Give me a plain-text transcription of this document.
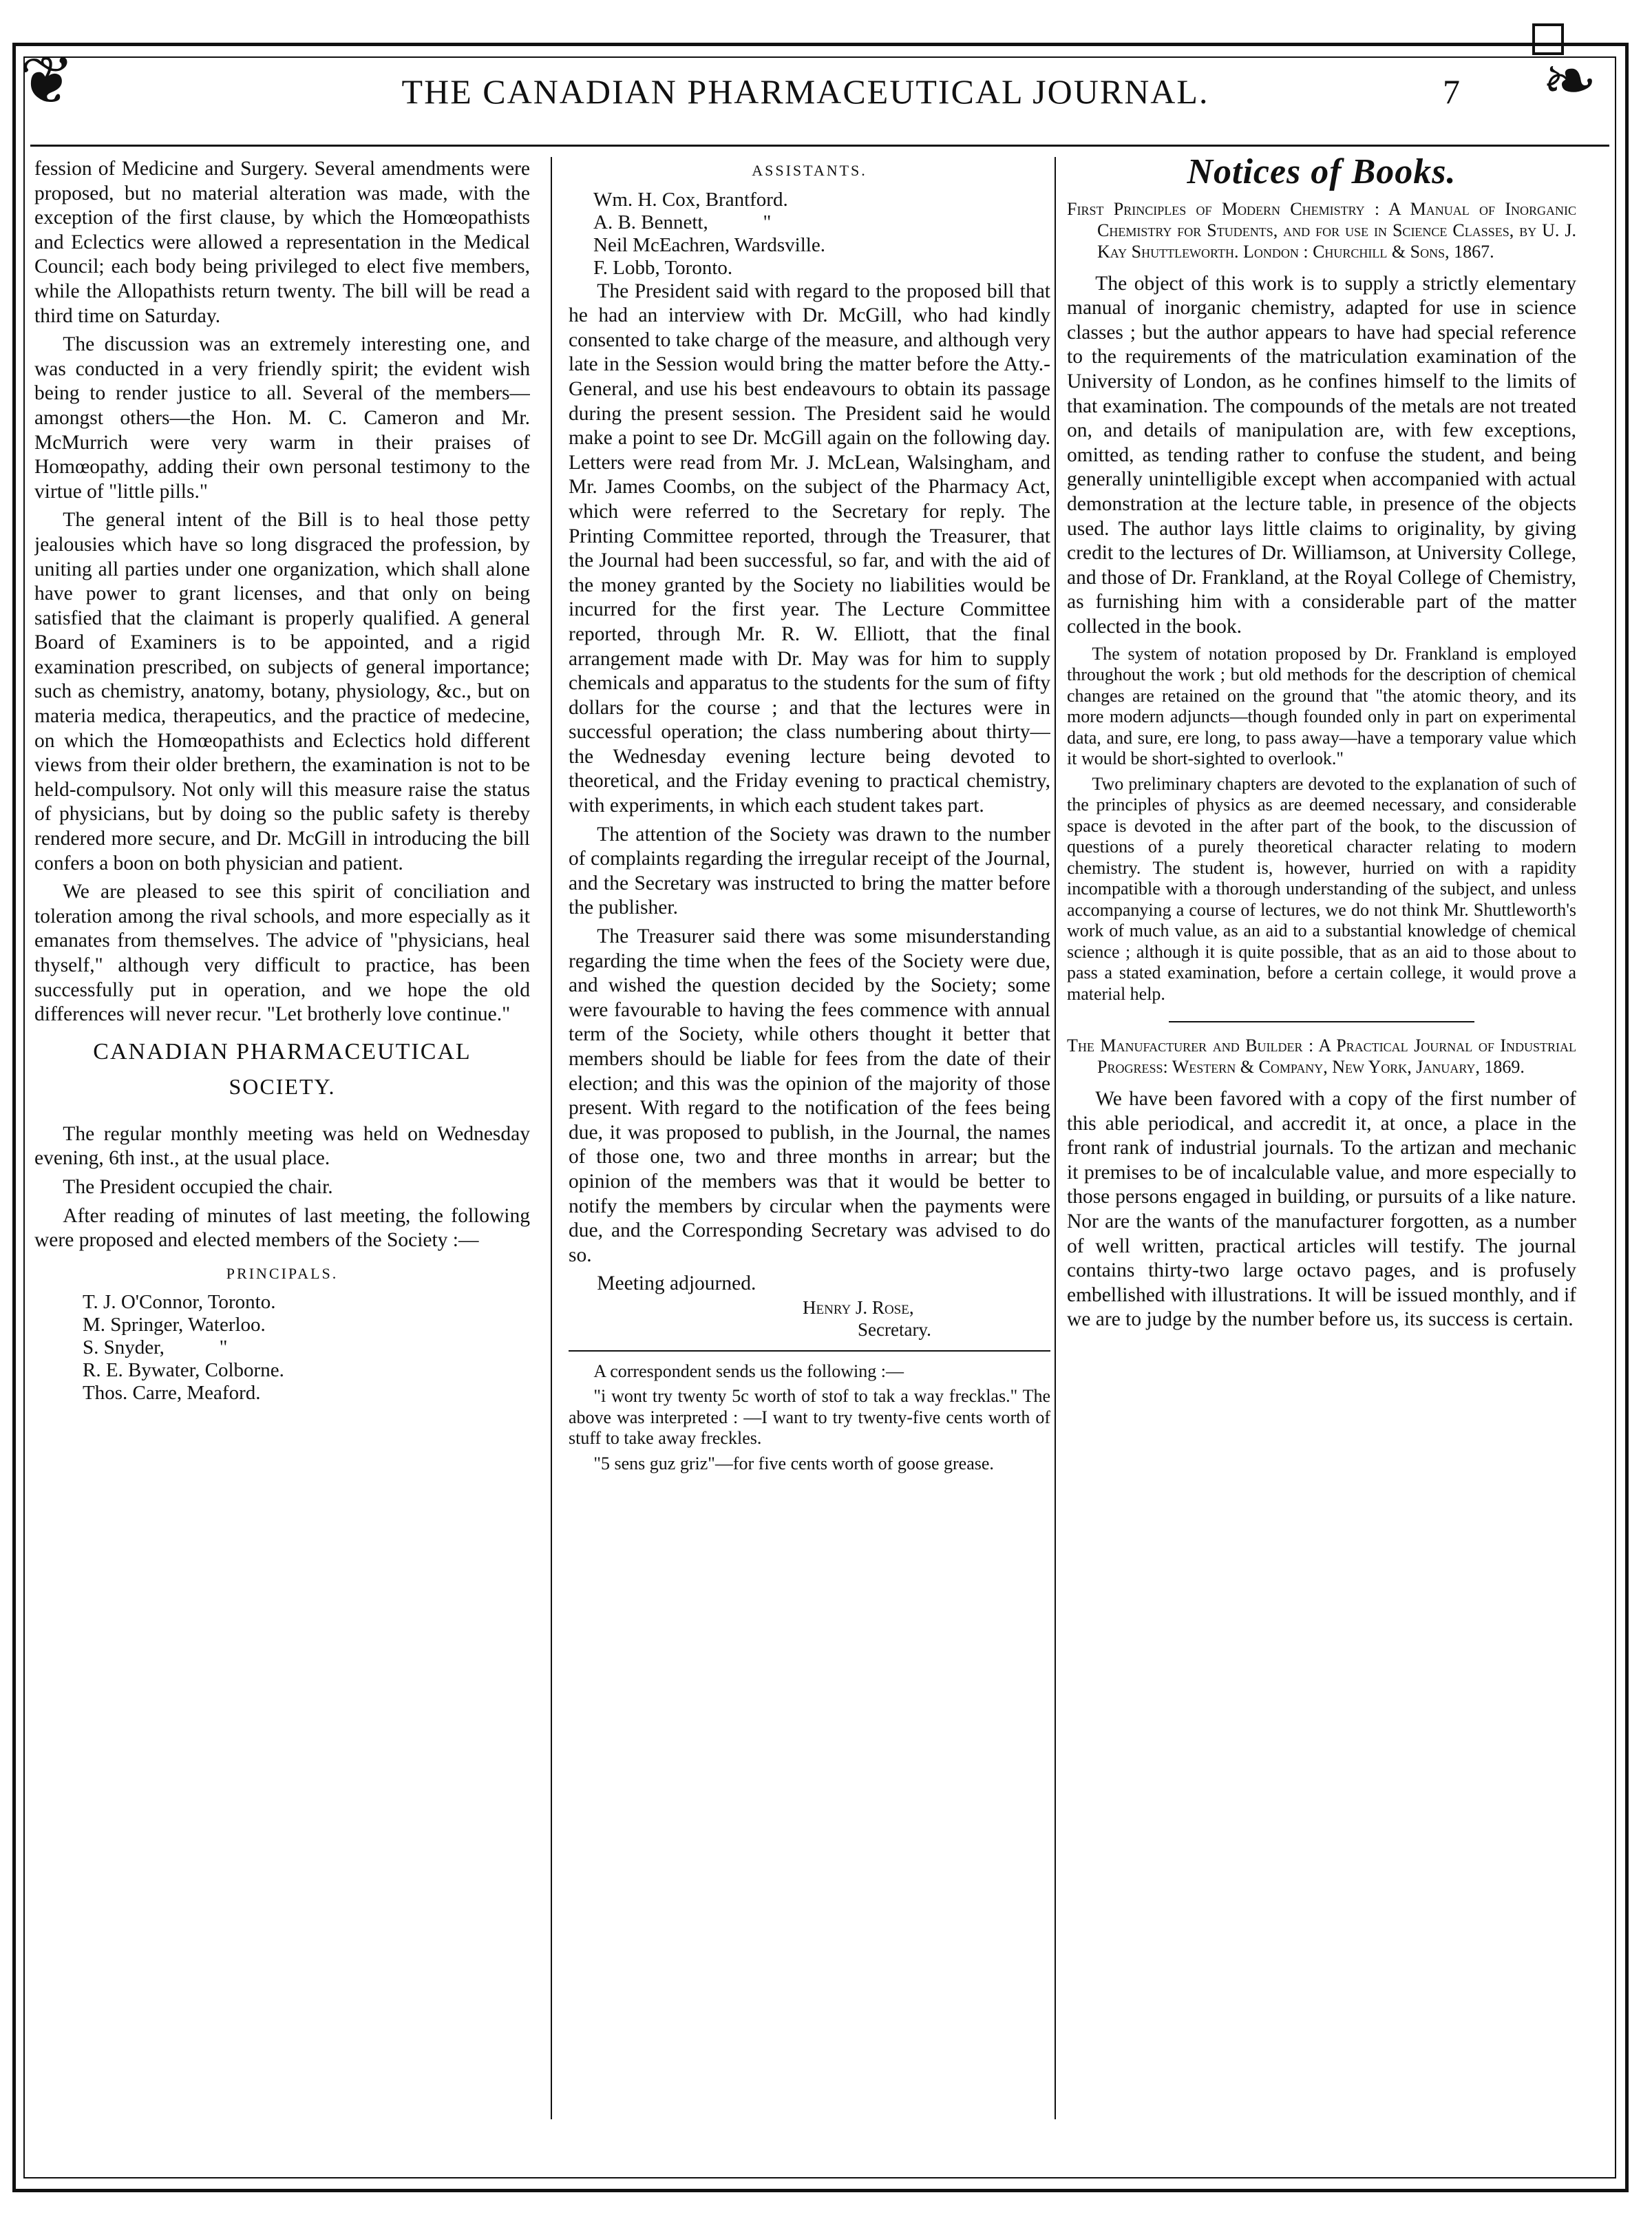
❦	❧
THE CANADIAN PHARMACEUTICAL JOURNAL.	7

fession of Medicine and Surgery. Several amendments were proposed, but no material alteration was made, with the exception of the first clause, by which the Homœopathists and Eclectics were allowed a representation in the Medical Council; each body being privileged to elect five members, while the Allopathists return twenty. The bill will be read a third time on Saturday.

The discussion was an extremely interesting one, and was conducted in a very friendly spirit; the evident wish being to render justice to all. Several of the members—amongst others—the Hon. M. C. Cameron and Mr. McMurrich were very warm in their praises of Homœopathy, adding their own personal testimony to the virtue of "little pills."

The general intent of the Bill is to heal those petty jealousies which have so long disgraced the profession, by uniting all parties under one organization, which shall alone have power to grant licenses, and that only on being satisfied that the claimant is properly qualified. A general Board of Examiners is to be appointed, and a rigid examination prescribed, on subjects of general importance; such as chemistry, anatomy, botany, physiology, &c., but on materia medica, therapeutics, and the practice of medecine, on which the Homœopathists and Eclectics hold different views from their older brethern, the examination is not to be held-compulsory. Not only will this measure raise the status of physicians, but by doing so the public safety is thereby rendered more secure, and Dr. McGill in introducing the bill confers a boon on both physician and patient.

We are pleased to see this spirit of conciliation and toleration among the rival schools, and more especially as it emanates from themselves. The advice of "physicians, heal thyself," although very difficult to practice, has been successfully put in operation, and we hope the old differences will never recur. "Let brotherly love continue."

CANADIAN PHARMACEUTICAL
SOCIETY.

The regular monthly meeting was held on Wednesday evening, 6th inst., at the usual place.

The President occupied the chair.

After reading of minutes of last meeting, the following were proposed and elected members of the Society :—

PRINCIPALS.
T. J. O'Connor, Toronto.
M. Springer, Waterloo.
S. Snyder,           "
R. E. Bywater, Colborne.
Thos. Carre, Meaford.
ASSISTANTS.
Wm. H. Cox, Brantford.
A. B. Bennett,           "
Neil McEachren, Wardsville.
F. Lobb, Toronto.

The President said with regard to the proposed bill that he had an interview with Dr. McGill, who had kindly consented to take charge of the measure, and although very late in the Session would bring the matter before the Atty.-General, and use his best endeavours to obtain its passage during the present session. The President said he would make a point to see Dr. McGill again on the following day. Letters were read from Mr. J. McLean, Walsingham, and Mr. James Coombs, on the subject of the Pharmacy Act, which were referred to the Secretary for reply. The Printing Committee reported, through the Treasurer, that the Journal had been successful, so far, and with the aid of the money granted by the Society no liabilities would be incurred for the first year. The Lecture Committee reported, through Mr. R. W. Elliott, that the final arrangement made with Dr. May was for him to supply chemicals and apparatus to the students for the sum of fifty dollars for the course ; and that the lectures were in successful operation; the class numbering about thirty—the Wednesday evening lecture being devoted to theoretical, and the Friday evening to practical chemistry, with experiments, in which each student takes part.

The attention of the Society was drawn to the number of complaints regarding the irregular receipt of the Journal, and the Secretary was instructed to bring the matter before the publisher.

The Treasurer said there was some misunderstanding regarding the time when the fees of the Society were due, and wished the question decided by the Society; some were favourable to having the fees commence with annual term of the Society, while others thought it better that members should be liable for fees from the date of their election; and this was the opinion of the majority of those present. With regard to the notification of the fees being due, it was proposed to publish, in the Journal, the names of those one, two and three months in arrear; but the opinion of the members was that it would be better to notify the members by circular when the payments were due, and the Corresponding Secretary was advised to do so.

Meeting adjourned.

Henry J. Rose,
Secretary.

A correspondent sends us the following :—

"i wont try twenty 5c worth of stof to tak a way frecklas." The above was interpreted : —I want to try twenty-five cents worth of stuff to take away freckles.

"5 sens guz griz"—for five cents worth of goose grease.

Notices of Books.
First Principles of Modern Chemistry : A Manual of Inorganic Chemistry for Students, and for use in Science Classes, by U. J. Kay Shuttleworth. London : Churchill & Sons, 1867.

The object of this work is to supply a strictly elementary manual of inorganic chemistry, adapted for use in science classes ; but the author appears to have had special reference to the requirements of the matriculation examination of the University of London, as he confines himself to the limits of that examination. The compounds of the metals are not treated on, and details of manipulation are, with few exceptions, omitted, as tending rather to confuse the student, and being generally unintelligible except when accompanied with actual demonstration at the lecture table, in presence of the objects used. The author lays little claims to originality, by giving credit to the lectures of Dr. Williamson, at University College, and those of Dr. Frankland, at the Royal College of Chemistry, as furnishing him with a considerable part of the matter collected in the book.

The system of notation proposed by Dr. Frankland is employed throughout the work ; but old methods for the description of chemical changes are retained on the ground that "the atomic theory, and its more modern adjuncts—though founded only in part on experimental data, and sure, ere long, to pass away—have a temporary value which it would be short-sighted to overlook."

Two preliminary chapters are devoted to the explanation of such of the principles of physics as are deemed necessary, and considerable space is devoted in the after part of the book, to the discussion of questions of a purely theoretical character relating to modern chemistry. The student is, however, hurried on with a rapidity incompatible with a thorough understanding of the subject, and unless accompanying a course of lectures, we do not think Mr. Shuttleworth's work of much value, as an aid to a substantial knowledge of chemical science ; although it is quite possible, that as an aid to those about to pass a stated examination, before a certain college, it would prove a material help.

The Manufacturer and Builder : A Practical Journal of Industrial Progress: Western & Company, New York, January, 1869.

We have been favored with a copy of the first number of this able periodical, and accredit it, at once, a place in the front rank of industrial journals. To the artizan and mechanic it premises to be of incalculable value, and more especially to those persons engaged in building, or pursuits of a like nature. Nor are the wants of the manufacturer forgotten, as a number of well written, practical articles will testify. The journal contains thirty-two large octavo pages, and is profusely embellished with illustrations. It will be issued monthly, and if we are to judge by the number before us, its success is certain.
